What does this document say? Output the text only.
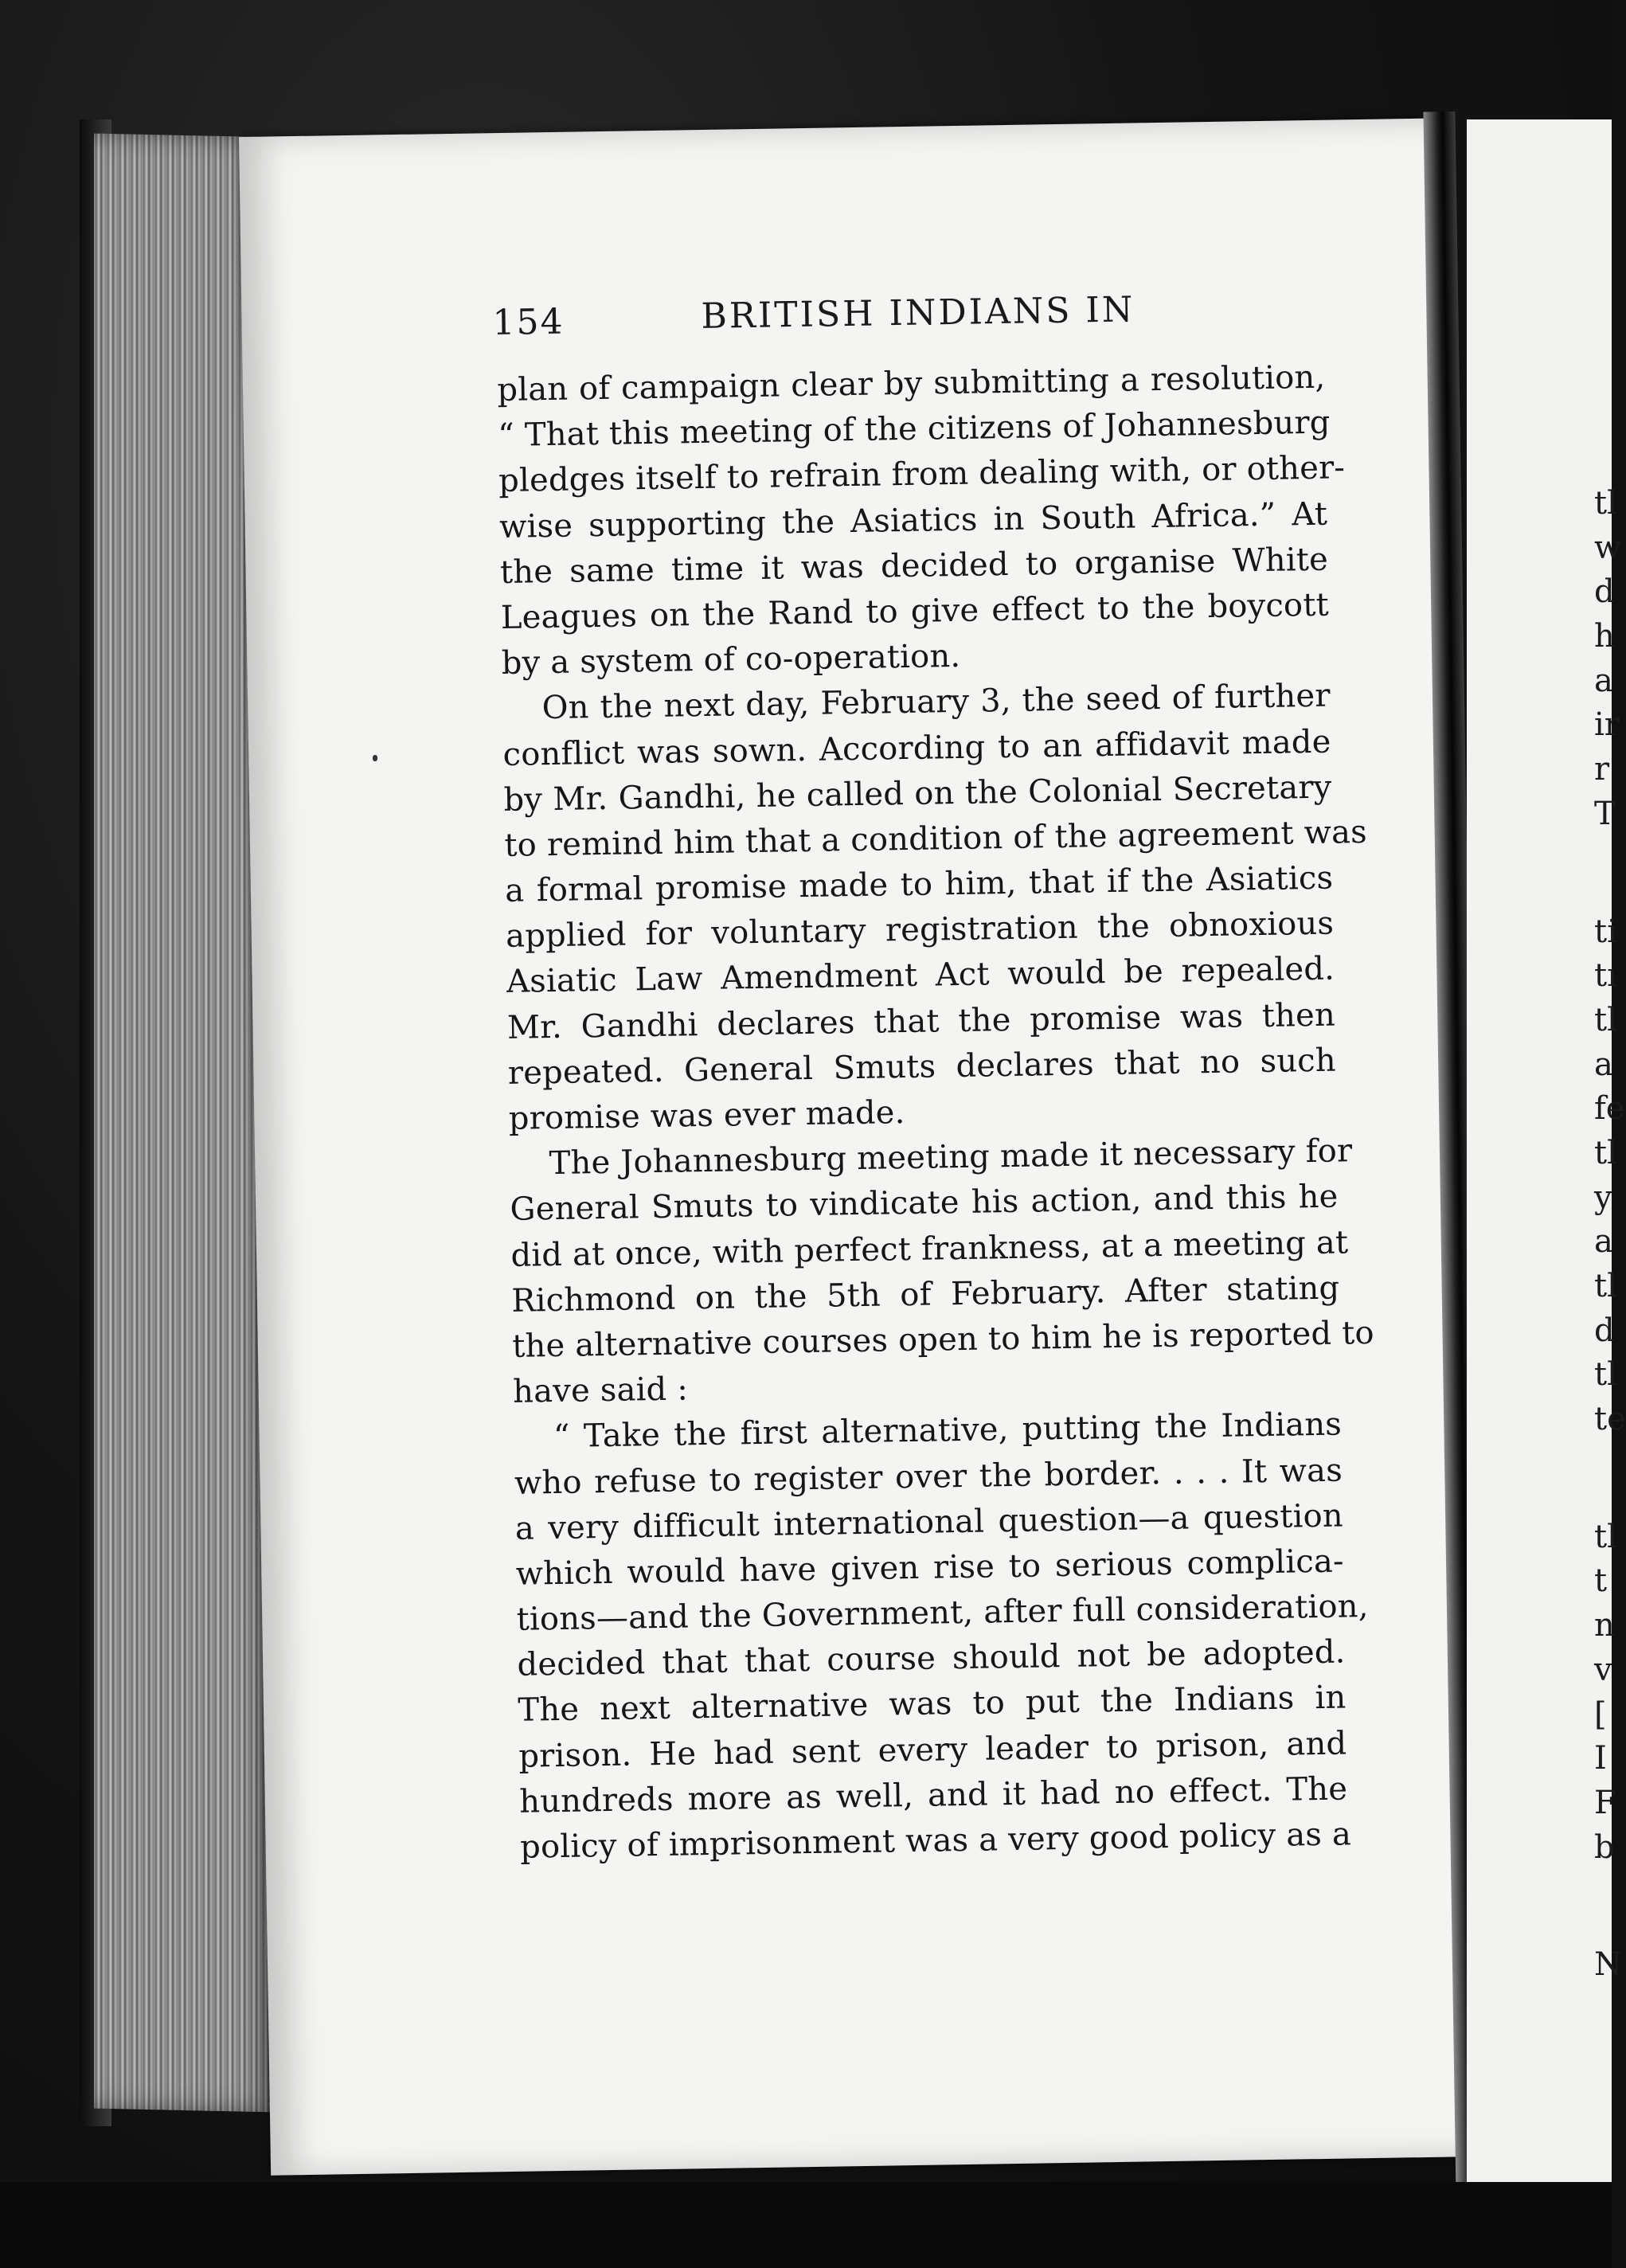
tl
w
d
h
a
ir
r
T
ti
tı
tl
a
fe
tl
y
a
tl
d
tl
te
tl
t
n
v
[
I
F
b
N
154	BRITISH INDIANS IN
plan of campaign clear by submitting a resolution,
“ That this meeting of the citizens of Johannesburg
pledges itself to refrain from dealing with, or other-
wise supporting the Asiatics in South Africa.” At
the same time it was decided to organise White
Leagues on the Rand to give effect to the boycott
by a system of co-operation.
On the next day, February 3, the seed of further
conflict was sown. According to an affidavit made
by Mr. Gandhi, he called on the Colonial Secretary
to remind him that a condition of the agreement was
a formal promise made to him, that if the Asiatics
applied for voluntary registration the obnoxious
Asiatic Law Amendment Act would be repealed.
Mr. Gandhi declares that the promise was then
repeated. General Smuts declares that no such
promise was ever made.
The Johannesburg meeting made it necessary for
General Smuts to vindicate his action, and this he
did at once, with perfect frankness, at a meeting at
Richmond on the 5th of February. After stating
the alternative courses open to him he is reported to
have said :
“ Take the first alternative, putting the Indians
who refuse to register over the border. . . . It was
a very difficult international question—a question
which would have given rise to serious complica-
tions—and the Government, after full consideration,
decided that that course should not be adopted.
The next alternative was to put the Indians in
prison. He had sent every leader to prison, and
hundreds more as well, and it had no effect. The
policy of imprisonment was a very good policy as a
